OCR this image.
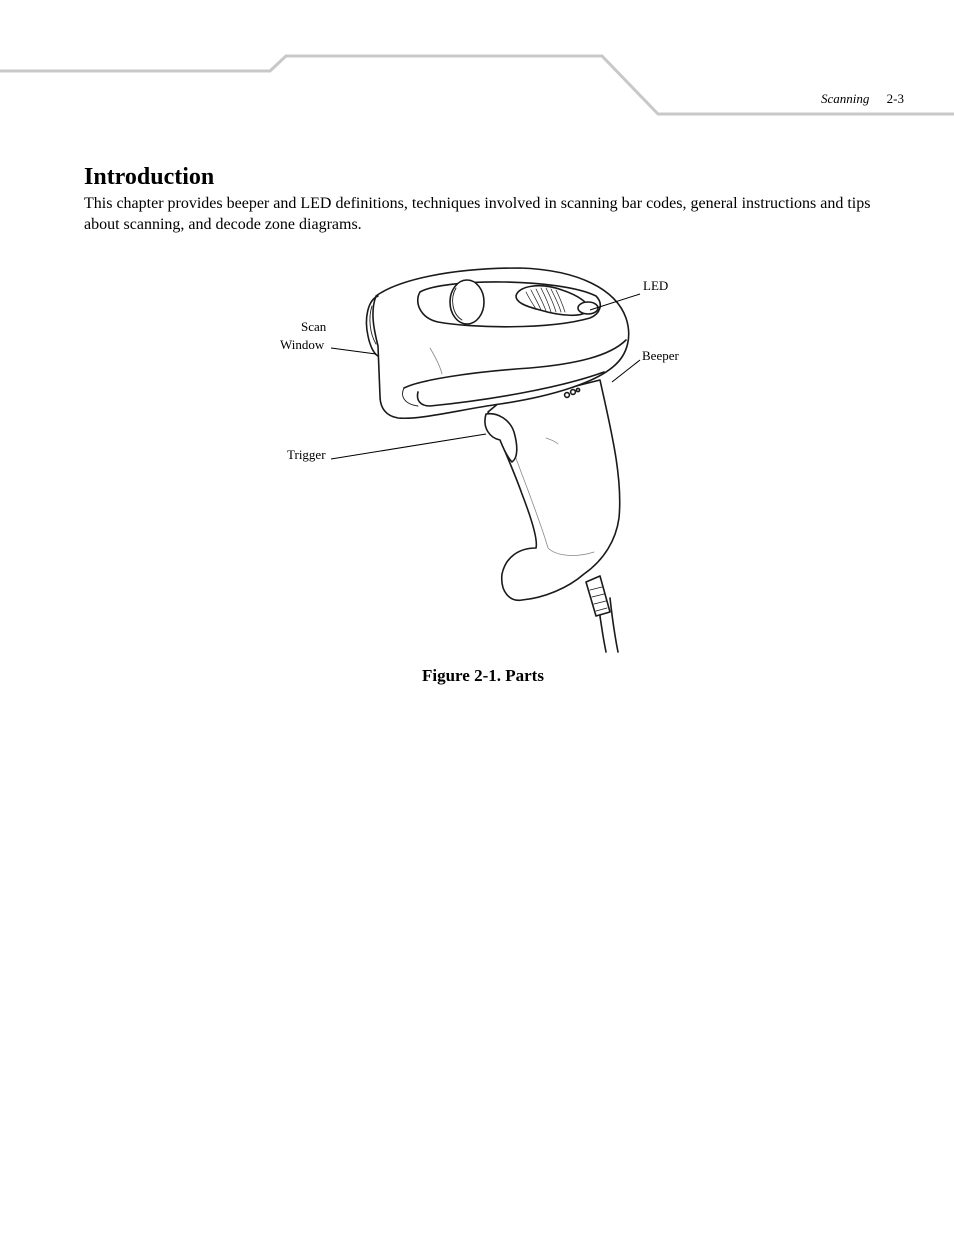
Scanning 2-3
Introduction

This chapter provides beeper and LED definitions, techniques involved in scanning bar codes, general instructions and tips about scanning, and decode zone diagrams.

Scan
Window
Trigger
LED
Beeper
Figure 2-1. Parts
